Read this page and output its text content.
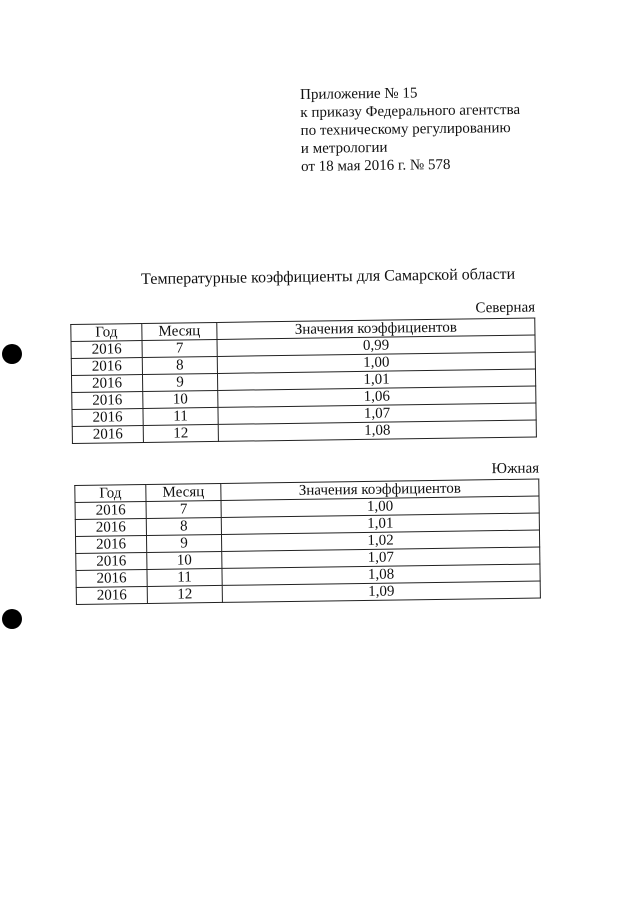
Приложение № 15
к приказу Федерального агентства
по техническому регулированию
и метрологии
от 18 мая 2016 г. № 578
Температурные коэффициенты для Самарской области
Северная
Год	Месяц	Значения коэффициентов
2016	7	0,99
2016	8	1,00
2016	9	1,01
2016	10	1,06
2016	11	1,07
2016	12	1,08
Южная
Год	Месяц	Значения коэффициентов
2016	7	1,00
2016	8	1,01
2016	9	1,02
2016	10	1,07
2016	11	1,08
2016	12	1,09
